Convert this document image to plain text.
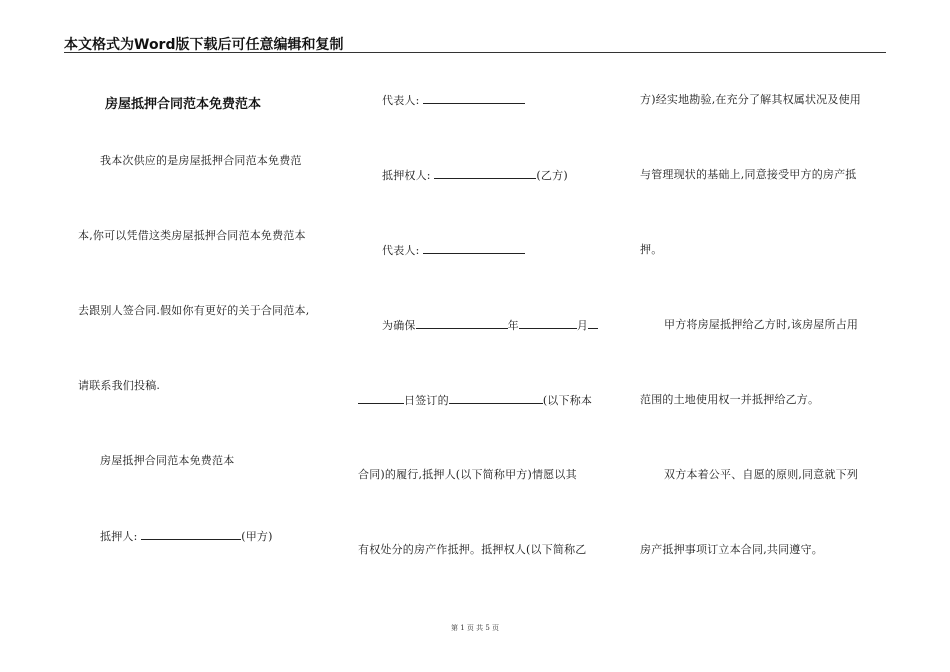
本文格式为Word版下载后可任意编辑和复制
房屋抵押合同范本免费范本
我本次供应的是房屋抵押合同范本免费范
本,你可以凭借这类房屋抵押合同范本免费范本
去跟别人签合同.假如你有更好的关于合同范本,
请联系我们投稿.
房屋抵押合同范本免费范本
抵押人:	(甲方)
代表人:
抵押权人:	(乙方)
代表人:
为确保	年	月
日签订的	(以下称本
合同)的履行,抵押人(以下简称甲方)情愿以其
有权处分的房产作抵押。抵押权人(以下简称乙
方)经实地勘验,在充分了解其权属状况及使用
与管理现状的基础上,同意接受甲方的房产抵
押。
甲方将房屋抵押给乙方时,该房屋所占用
范围的土地使用权一并抵押给乙方。
双方本着公平、自愿的原则,同意就下列
房产抵押事项订立本合同,共同遵守。
第 1 页 共 5 页
